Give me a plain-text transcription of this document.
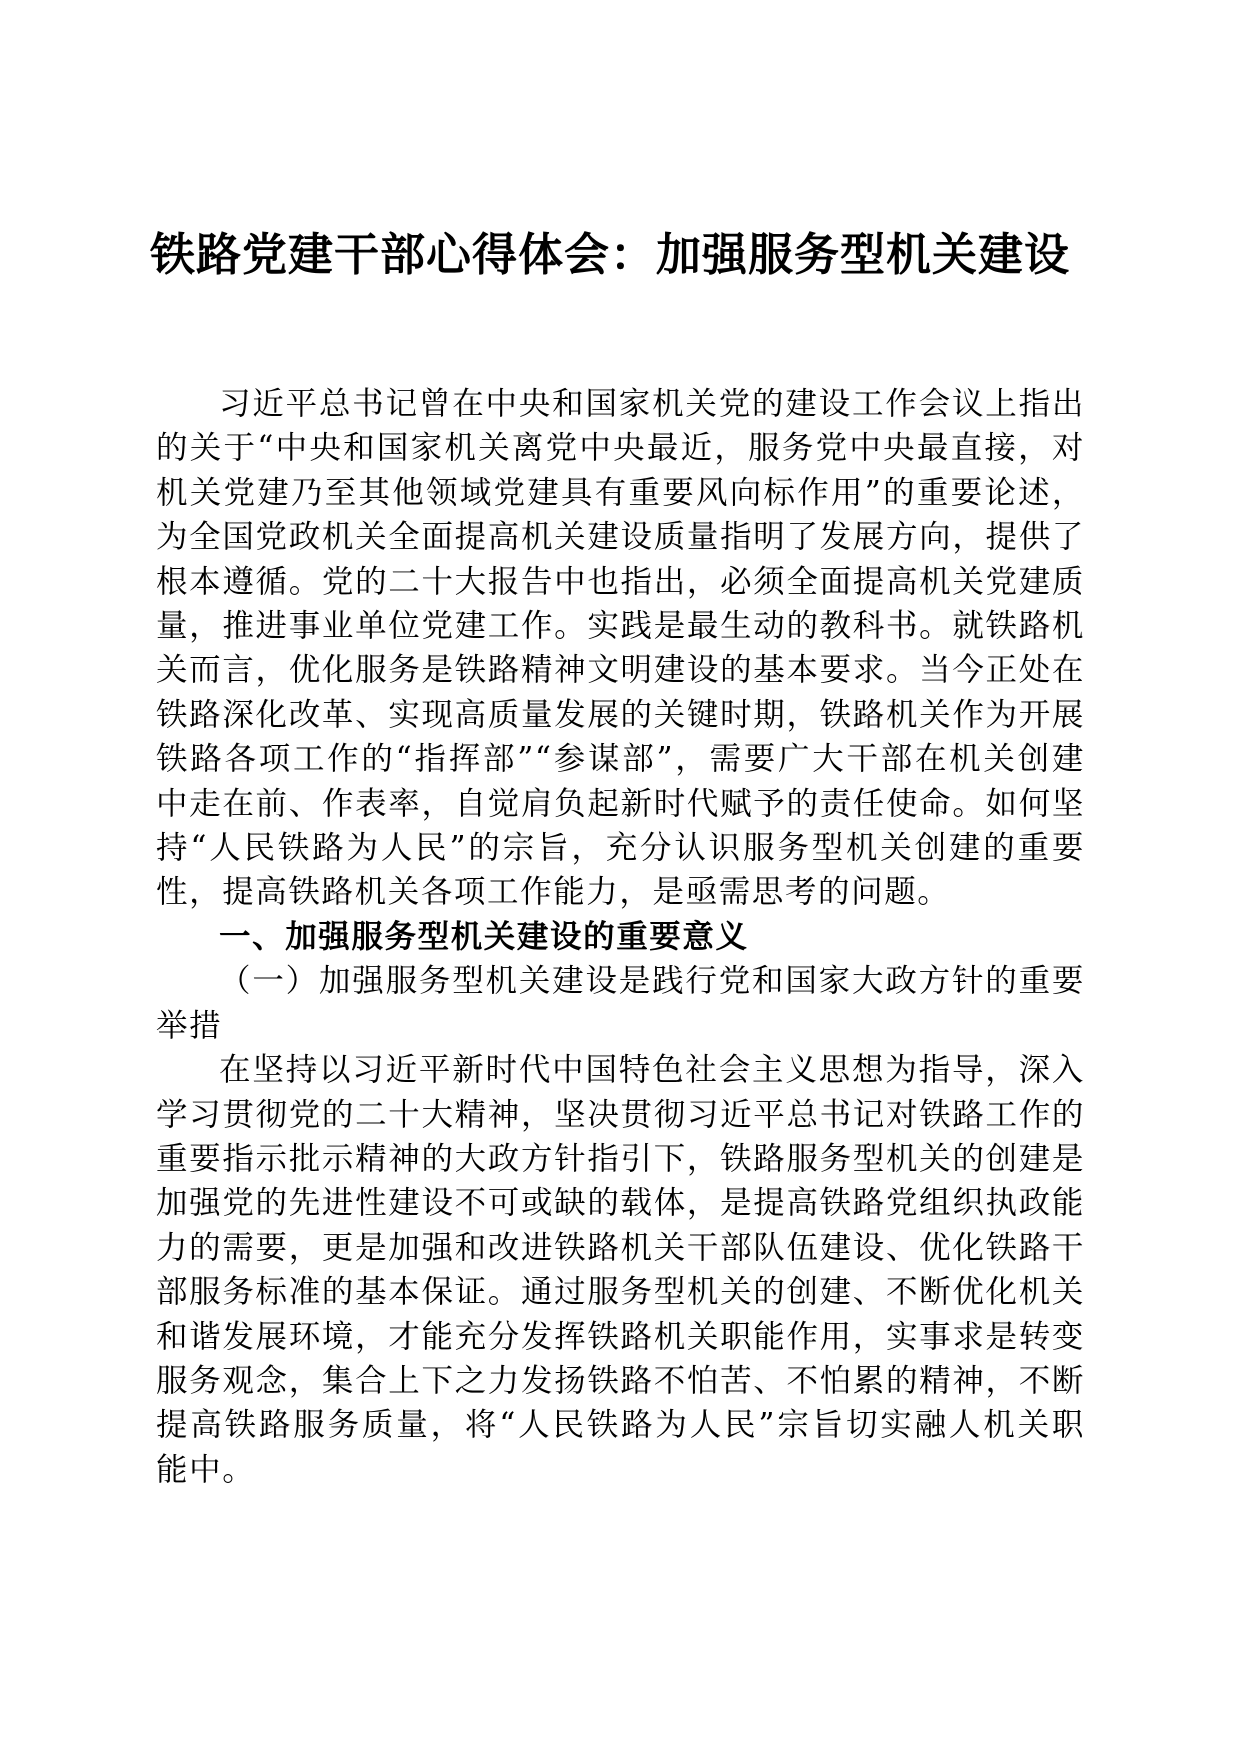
铁路党建干部心得体会：加强服务型机关建设

习近平总书记曾在中央和国家机关党的建设工作会议上指出的关于“中央和国家机关离党中央最近，服务党中央最直接，对机关党建乃至其他领域党建具有重要风向标作用”的重要论述，为全国党政机关全面提高机关建设质量指明了发展方向，提供了根本遵循。党的二十大报告中也指出，必须全面提高机关党建质量，推进事业单位党建工作。实践是最生动的教科书。就铁路机关而言，优化服务是铁路精神文明建设的基本要求。当今正处在铁路深化改革、实现高质量发展的关键时期，铁路机关作为开展铁路各项工作的“指挥部”“参谋部”，需要广大干部在机关创建中走在前、作表率，自觉肩负起新时代赋予的责任使命。如何坚持“人民铁路为人民”的宗旨，充分认识服务型机关创建的重要性，提高铁路机关各项工作能力，是亟需思考的问题。

一、加强服务型机关建设的重要意义
（一）加强服务型机关建设是践行党和国家大政方针的重要举措

在坚持以习近平新时代中国特色社会主义思想为指导，深入学习贯彻党的二十大精神，坚决贯彻习近平总书记对铁路工作的重要指示批示精神的大政方针指引下，铁路服务型机关的创建是加强党的先进性建设不可或缺的载体，是提高铁路党组织执政能力的需要，更是加强和改进铁路机关干部队伍建设、优化铁路干部服务标准的基本保证。通过服务型机关的创建、不断优化机关和谐发展环境，才能充分发挥铁路机关职能作用，实事求是转变服务观念，集合上下之力发扬铁路不怕苦、不怕累的精神，不断提高铁路服务质量，将“人民铁路为人民”宗旨切实融人机关职能中。
